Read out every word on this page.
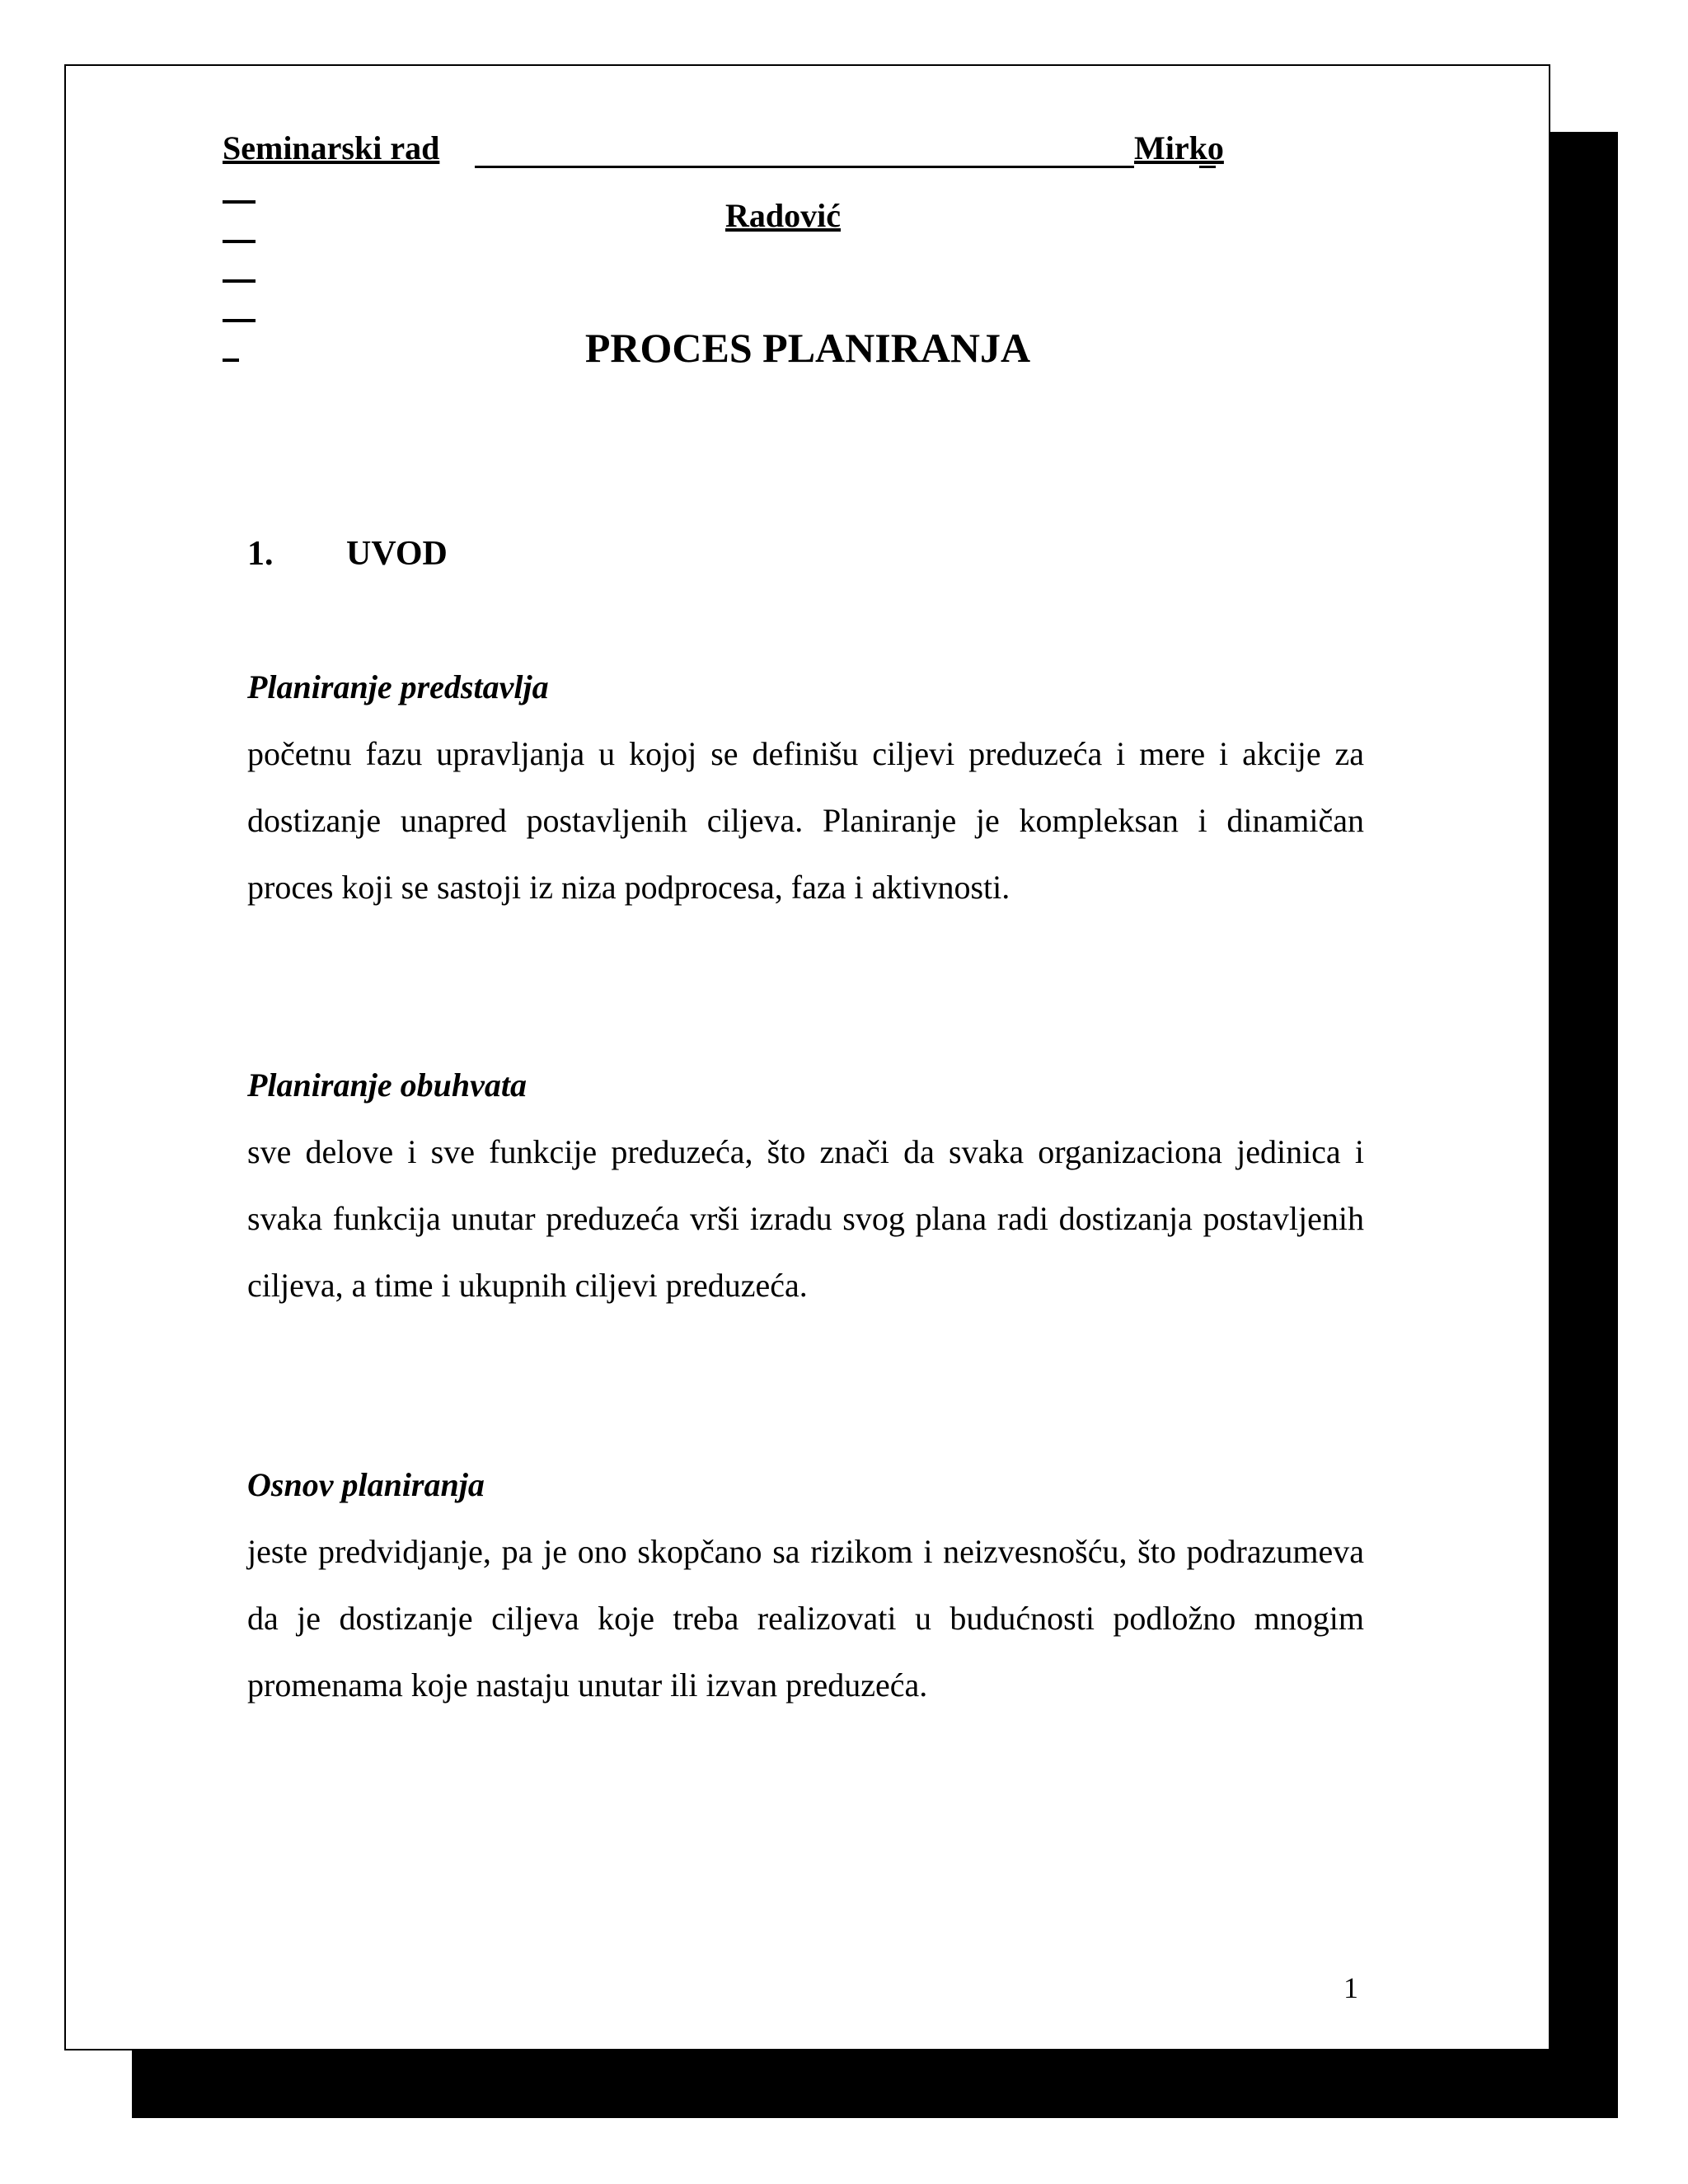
Seminarski rad

	Mirko

Radović
PROCES PLANIRANJA
1. UVOD
Planiranje predstavlja
početnu fazu upravljanja u kojoj se definišu ciljevi preduzeća i mere i akcije za dostizanje unapred postavljenih ciljeva. Planiranje je kompleksan i dinamičan proces koji se sastoji iz niza podprocesa, faza i aktivnosti.
Planiranje obuhvata
sve delove i sve funkcije preduzeća, što znači da svaka organizaciona jedinica i svaka funkcija unutar preduzeća vrši izradu svog plana radi dostizanja postavljenih ciljeva, a time i ukupnih ciljevi preduzeća.
Osnov planiranja
jeste predvidjanje, pa je ono skopčano sa rizikom i neizvesnošću, što podrazumeva da je dostizanje ciljeva koje treba realizovati u budućnosti podložno mnogim promenama koje nastaju unutar ili izvan preduzeća.
1
